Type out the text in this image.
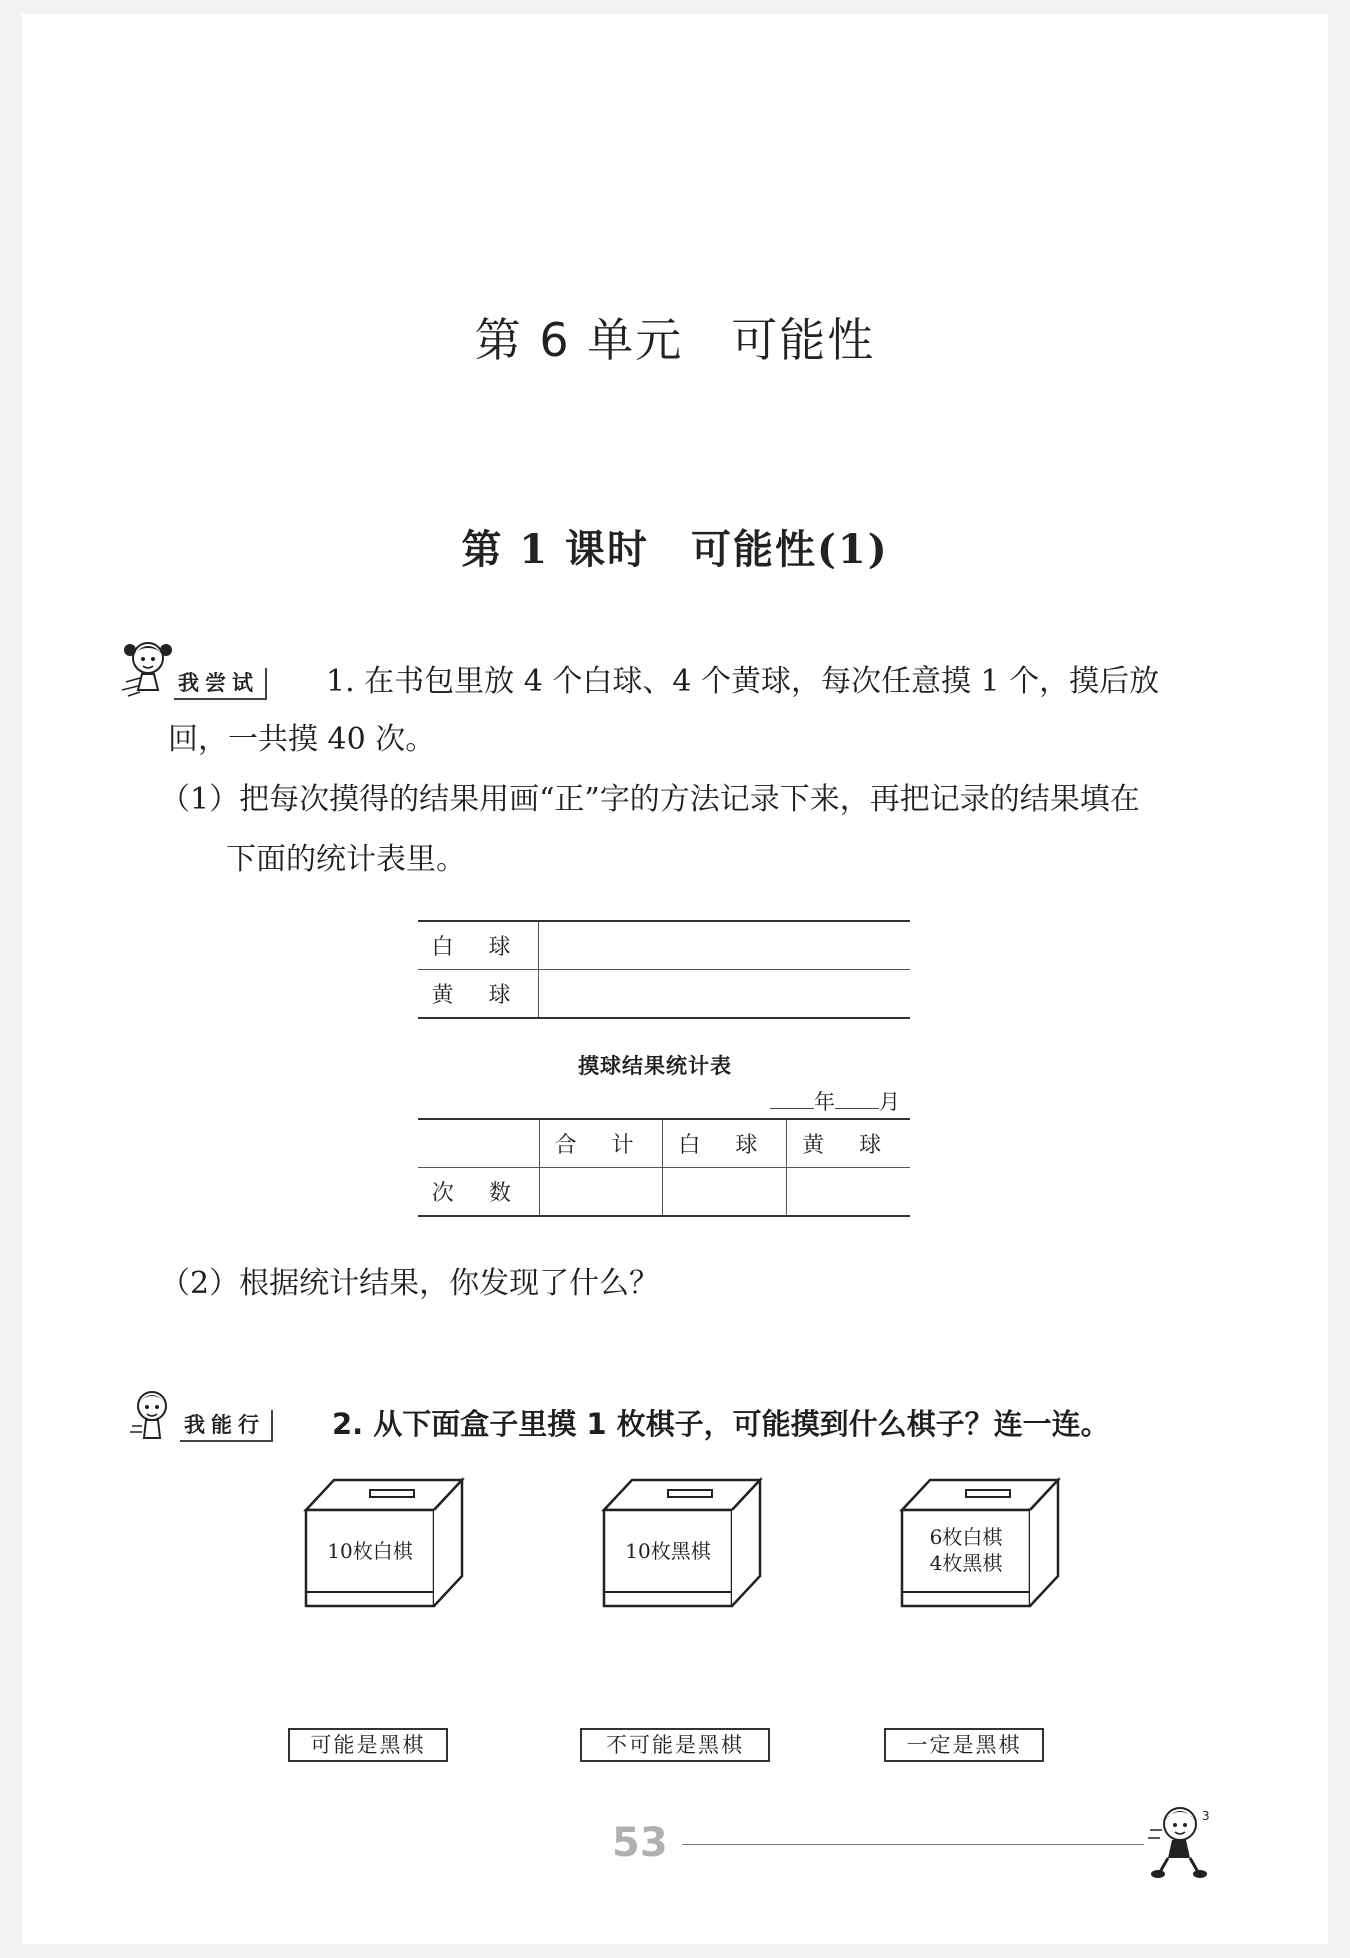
第 6 单元　可能性
第 1 课时　可能性(1)
我尝试 1. 在书包里放 4 个白球、4 个黄球，每次任意摸 1 个，摸后放
回，一共摸 40 次。
（1）把每次摸得的结果用画“正”字的方法记录下来，再把记录的结果填在
下面的统计表里。
白 球	
黄 球	
摸球结果统计表
年 月
	合 计	白 球	黄 球
次 数			
（2）根据统计结果，你发现了什么？
我能行 2. 从下面盒子里摸 1 枚棋子，可能摸到什么棋子？连一连。
10枚白棋	10枚黑棋
6枚白棋
4枚黑棋
可能是黑棋	不可能是黑棋	一定是黑棋
53
3
